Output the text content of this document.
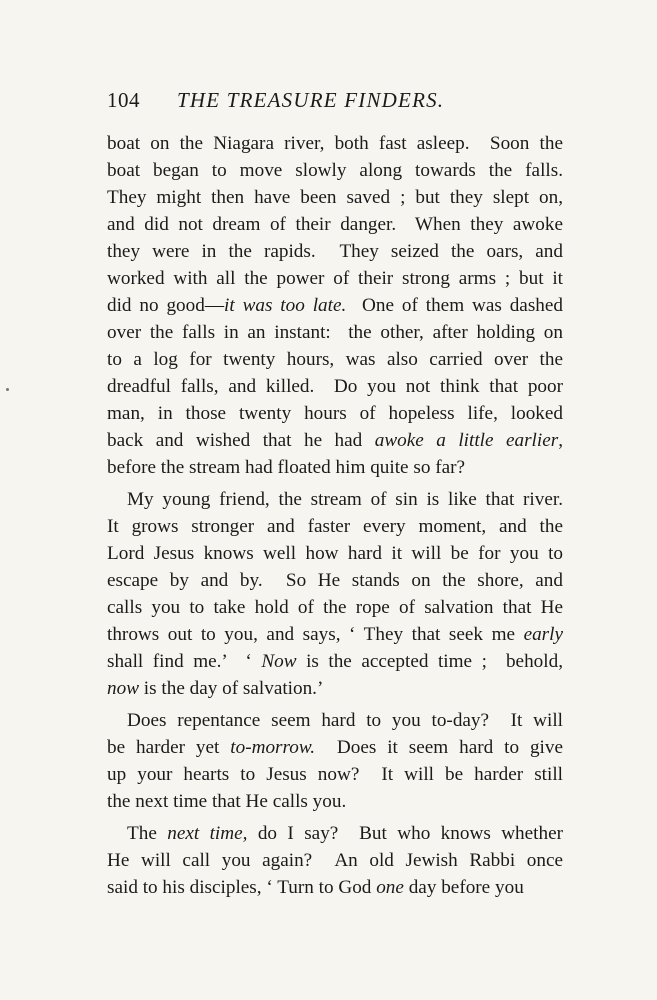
104 THE TREASURE FINDERS.
boat on the Niagara river, both fast asleep.  Soon the
boat began to move slowly along towards the falls.
They might then have been saved ; but they slept on,
and did not dream of their danger.  When they awoke
they were in the rapids.  They seized the oars, and
worked with all the power of their strong arms ; but it
did no good—it was too late.  One of them was dashed
over the falls in an instant:  the other, after holding on
to a log for twenty hours, was also carried over the
dreadful falls, and killed.  Do you not think that poor
man, in those twenty hours of hopeless life, looked
back and wished that he had awoke a little earlier,
before the stream had floated him quite so far?
My young friend, the stream of sin is like that river.
It grows stronger and faster every moment, and the
Lord Jesus knows well how hard it will be for you to
escape by and by.  So He stands on the shore, and
calls you to take hold of the rope of salvation that He
throws out to you, and says, ‘ They that seek me early
shall find me.’  ‘ Now is the accepted time ;  behold,
now is the day of salvation.’
Does repentance seem hard to you to-day?  It will
be harder yet to-morrow.  Does it seem hard to give
up your hearts to Jesus now?  It will be harder still
the next time that He calls you.
The next time, do I say?  But who knows whether
He will call you again?  An old Jewish Rabbi once
said to his disciples, ‘ Turn to God one day before you
